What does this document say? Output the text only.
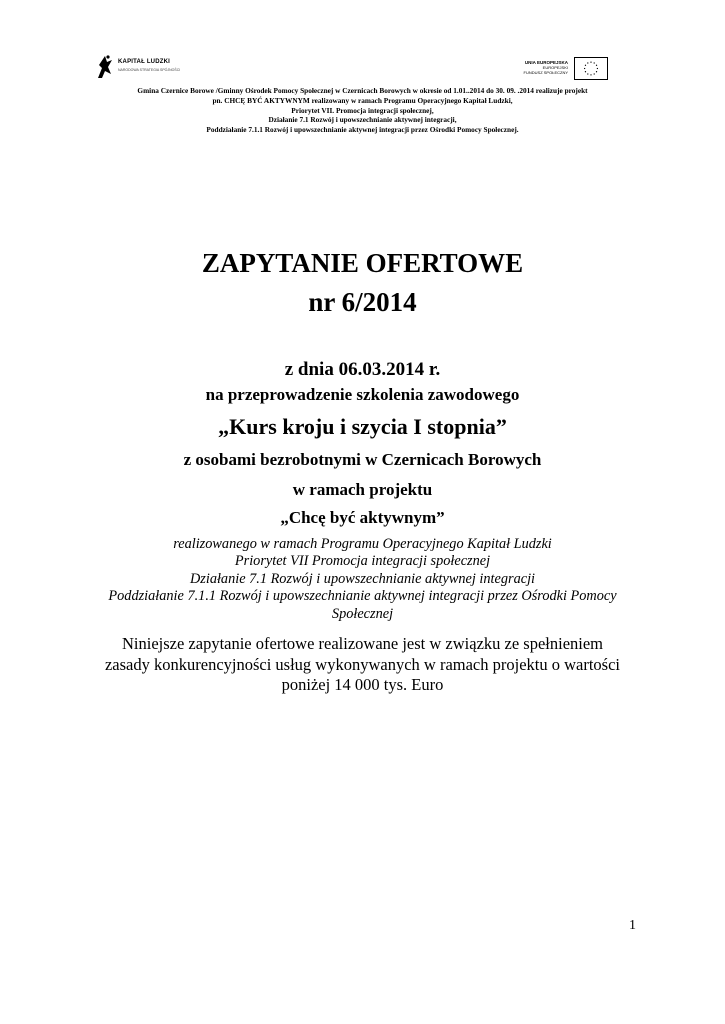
KAPITAŁ LUDZKI
NARODOWA STRATEGIA SPÓJNOŚCI
UNIA EUROPEJSKA
EUROPEJSKI
FUNDUSZ SPOŁECZNY
Gmina Czernice Borowe /Gminny Ośrodek Pomocy Społecznej w Czernicach Borowych w okresie od 1.01..2014 do 30. 09. .2014 realizuje projekt
pn. CHCĘ BYĆ AKTYWNYM realizowany w ramach Programu Operacyjnego Kapitał Ludzki,
Priorytet VII. Promocja integracji społecznej,
Działanie 7.1 Rozwój i upowszechnianie aktywnej integracji,
Poddziałanie 7.1.1 Rozwój i upowszechnianie aktywnej integracji przez Ośrodki Pomocy Społecznej.
ZAPYTANIE OFERTOWE
nr 6/2014
z dnia 06.03.2014 r.
na przeprowadzenie szkolenia zawodowego
„Kurs kroju i szycia I stopnia”
z osobami bezrobotnymi w Czernicach Borowych
w ramach projektu
„Chcę być aktywnym”
realizowanego w ramach Programu Operacyjnego Kapitał Ludzki
Priorytet VII Promocja integracji społecznej
Działanie 7.1 Rozwój i upowszechnianie aktywnej integracji
Poddziałanie 7.1.1 Rozwój i upowszechnianie aktywnej integracji przez Ośrodki Pomocy
Społecznej
Niniejsze zapytanie ofertowe realizowane jest w związku ze spełnieniem
zasady konkurencyjności usług wykonywanych w ramach projektu o wartości
poniżej 14 000 tys. Euro
1
